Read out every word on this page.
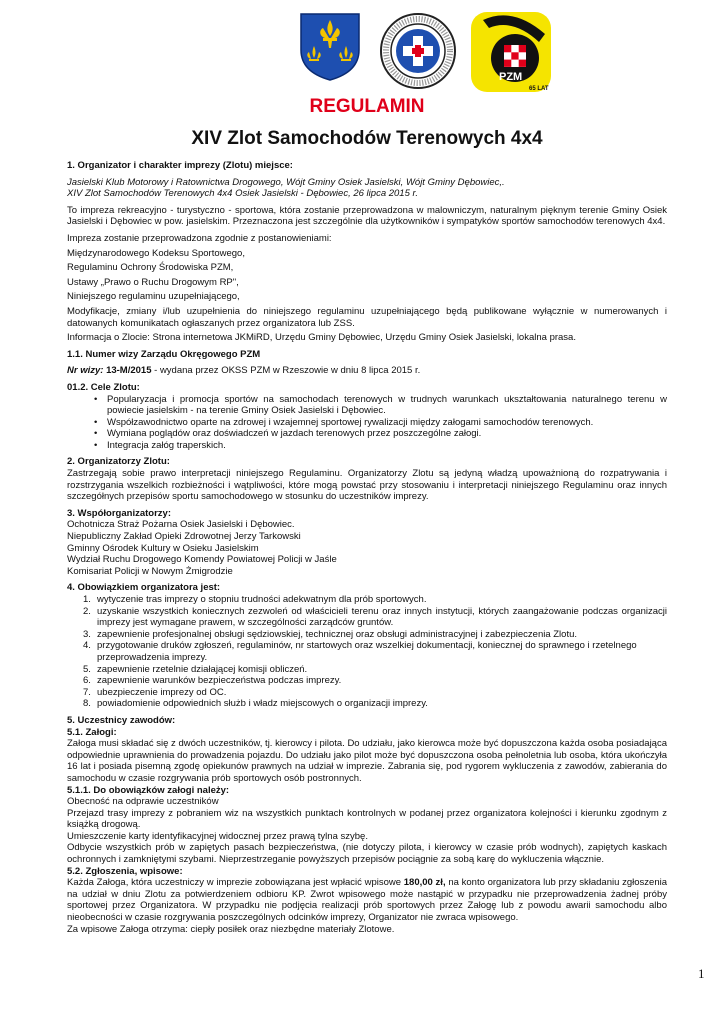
PZM
65 LAT
REGULAMIN
XIV Zlot Samochodów Terenowych 4x4

1. Organizator i charakter imprezy (Zlotu) miejsce:

Jasielski Klub Motorowy i Ratownictwa Drogowego, Wójt Gminy Osiek Jasielski, Wójt Gminy Dębowiec,.

XIV Zlot Samochodów Terenowych 4x4 Osiek Jasielski - Dębowiec, 26 lipca 2015 r.

To impreza rekreacyjno - turystyczno - sportowa, która zostanie przeprowadzona w malowniczym, naturalnym pięknym terenie Gminy Osiek Jasielski i Dębowiec w pow. jasielskim. Przeznaczona jest szczególnie dla użytkowników i sympatyków sportów samochodów terenowych 4x4.

Impreza zostanie przeprowadzona zgodnie z postanowieniami:

Międzynarodowego Kodeksu Sportowego,

Regulaminu Ochrony Środowiska PZM,

Ustawy „Prawo o Ruchu Drogowym RP",

Niniejszego regulaminu uzupełniającego,

Modyfikacje, zmiany i/lub uzupełnienia do niniejszego regulaminu uzupełniającego będą publikowane wyłącznie w numerowanych i datowanych komunikatach ogłaszanych przez organizatora lub ZSS.

Informacja o Zlocie: Strona internetowa JKMiRD, Urzędu Gminy Dębowiec, Urzędu Gminy Osiek Jasielski, lokalna prasa.

1.1. Numer wizy Zarządu Okręgowego PZM

Nr wizy: 13-M/2015 - wydana przez OKSS PZM w Rzeszowie w dniu 8 lipca 2015 r.

01.2. Cele Zlotu:

• Popularyzacja i promocja sportów na samochodach terenowych w trudnych warunkach ukształtowania naturalnego terenu w powiecie jasielskim - na terenie Gminy Osiek Jasielski i Dębowiec.
• Współzawodnictwo oparte na zdrowej i wzajemnej sportowej rywalizacji między załogami samochodów terenowych.
• Wymiana poglądów oraz doświadczeń w jazdach terenowych przez poszczególne załogi.
• Integracja załóg traperskich.

2. Organizatorzy Zlotu:

Zastrzegają sobie prawo interpretacji niniejszego Regulaminu. Organizatorzy Zlotu są jedyną władzą upoważnioną do rozpatrywania i rozstrzygania wszelkich rozbieżności i wątpliwości, które mogą powstać przy stosowaniu i interpretacji niniejszego Regulaminu oraz innych szczegółnych przepisów sportu samochodowego w stosunku do uczestników imprezy.

3. Współorganizatorzy:

Ochotnicza Straż Pożarna Osiek Jasielski i Dębowiec.

Niepubliczny Zakład Opieki Zdrowotnej Jerzy Tarkowski

Gminny Ośrodek Kultury w Osieku Jasielskim

Wydział Ruchu Drogowego Komendy Powiatowej Policji w Jaśle

Komisariat Policji w Nowym Żmigrodzie

4. Obowiązkiem organizatora jest:

1. wytyczenie tras imprezy o stopniu trudności adekwatnym dla prób sportowych.
2. uzyskanie wszystkich koniecznych zezwoleń od właścicieli terenu oraz innych instytucji, których zaangażowanie podczas organizacji imprezy jest wymagane prawem, w szczególności zarządców gruntów.
3. zapewnienie profesjonalnej obsługi sędziowskiej, technicznej oraz obsługi administracyjnej i zabezpieczenia Zlotu.
4. przygotowanie druków zgłoszeń, regulaminów, nr startowych oraz wszelkiej dokumentacji, koniecznej do sprawnego i rzetelnego przeprowadzenia imprezy.
5. zapewnienie rzetelnie działającej komisji obliczeń.
6. zapewnienie warunków bezpieczeństwa podczas imprezy.
7. ubezpieczenie imprezy od OC.
8. powiadomienie odpowiednich służb i władz miejscowych o organizacji imprezy.

5. Uczestnicy zawodów:

5.1. Załogi:

Załoga musi składać się z dwóch uczestników, tj. kierowcy i pilota. Do udziału, jako kierowca może być dopuszczona każda osoba posiadająca odpowiednie uprawnienia do prowadzenia pojazdu. Do udziału jako pilot może być dopuszczona osoba pełnoletnia lub osoba, która ukończyła 16 lat i posiada pisemną zgodę opiekunów prawnych na udział w imprezie. Zabrania się, pod rygorem wykluczenia z zawodów, zabierania do samochodu w czasie rozgrywania prób sportowych osób postronnych.

5.1.1. Do obowiązków załogi należy:

Obecność na odprawie uczestników

Przejazd trasy imprezy z pobraniem wiz na wszystkich punktach kontrolnych w podanej przez organizatora kolejności i kierunku zgodnym z książką drogową.

Umieszczenie karty identyfikacyjnej widocznej przez prawą tylna szybę.

Odbycie wszystkich prób w zapiętych pasach bezpieczeństwa, (nie dotyczy pilota, i kierowcy w czasie prób wodnych), zapiętych kaskach ochronnych i zamkniętymi szybami. Nieprzestrzeganie powyższych przepisów pociągnie za sobą karę do wykluczenia włącznie.

5.2. Zgłoszenia, wpisowe:

Każda Załoga, która uczestniczy w imprezie zobowiązana jest wpłacić wpisowe 180,00 zł, na konto organizatora lub przy składaniu zgłoszenia na udział w dniu Zlotu za potwierdzeniem odbioru KP. Zwrot wpisowego może nastąpić w przypadku nie przeprowadzenia żadnej próby sportowej przez Organizatora. W przypadku nie podjęcia realizacji prób sportowych przez Załogę lub z powodu awarii samochodu albo nieobecności w czasie rozgrywania poszczególnych odcinków imprezy, Organizator nie zwraca wpisowego.

Za wpisowe Załoga otrzyma: ciepły posiłek oraz niezbędne materiały Zlotowe.

1
